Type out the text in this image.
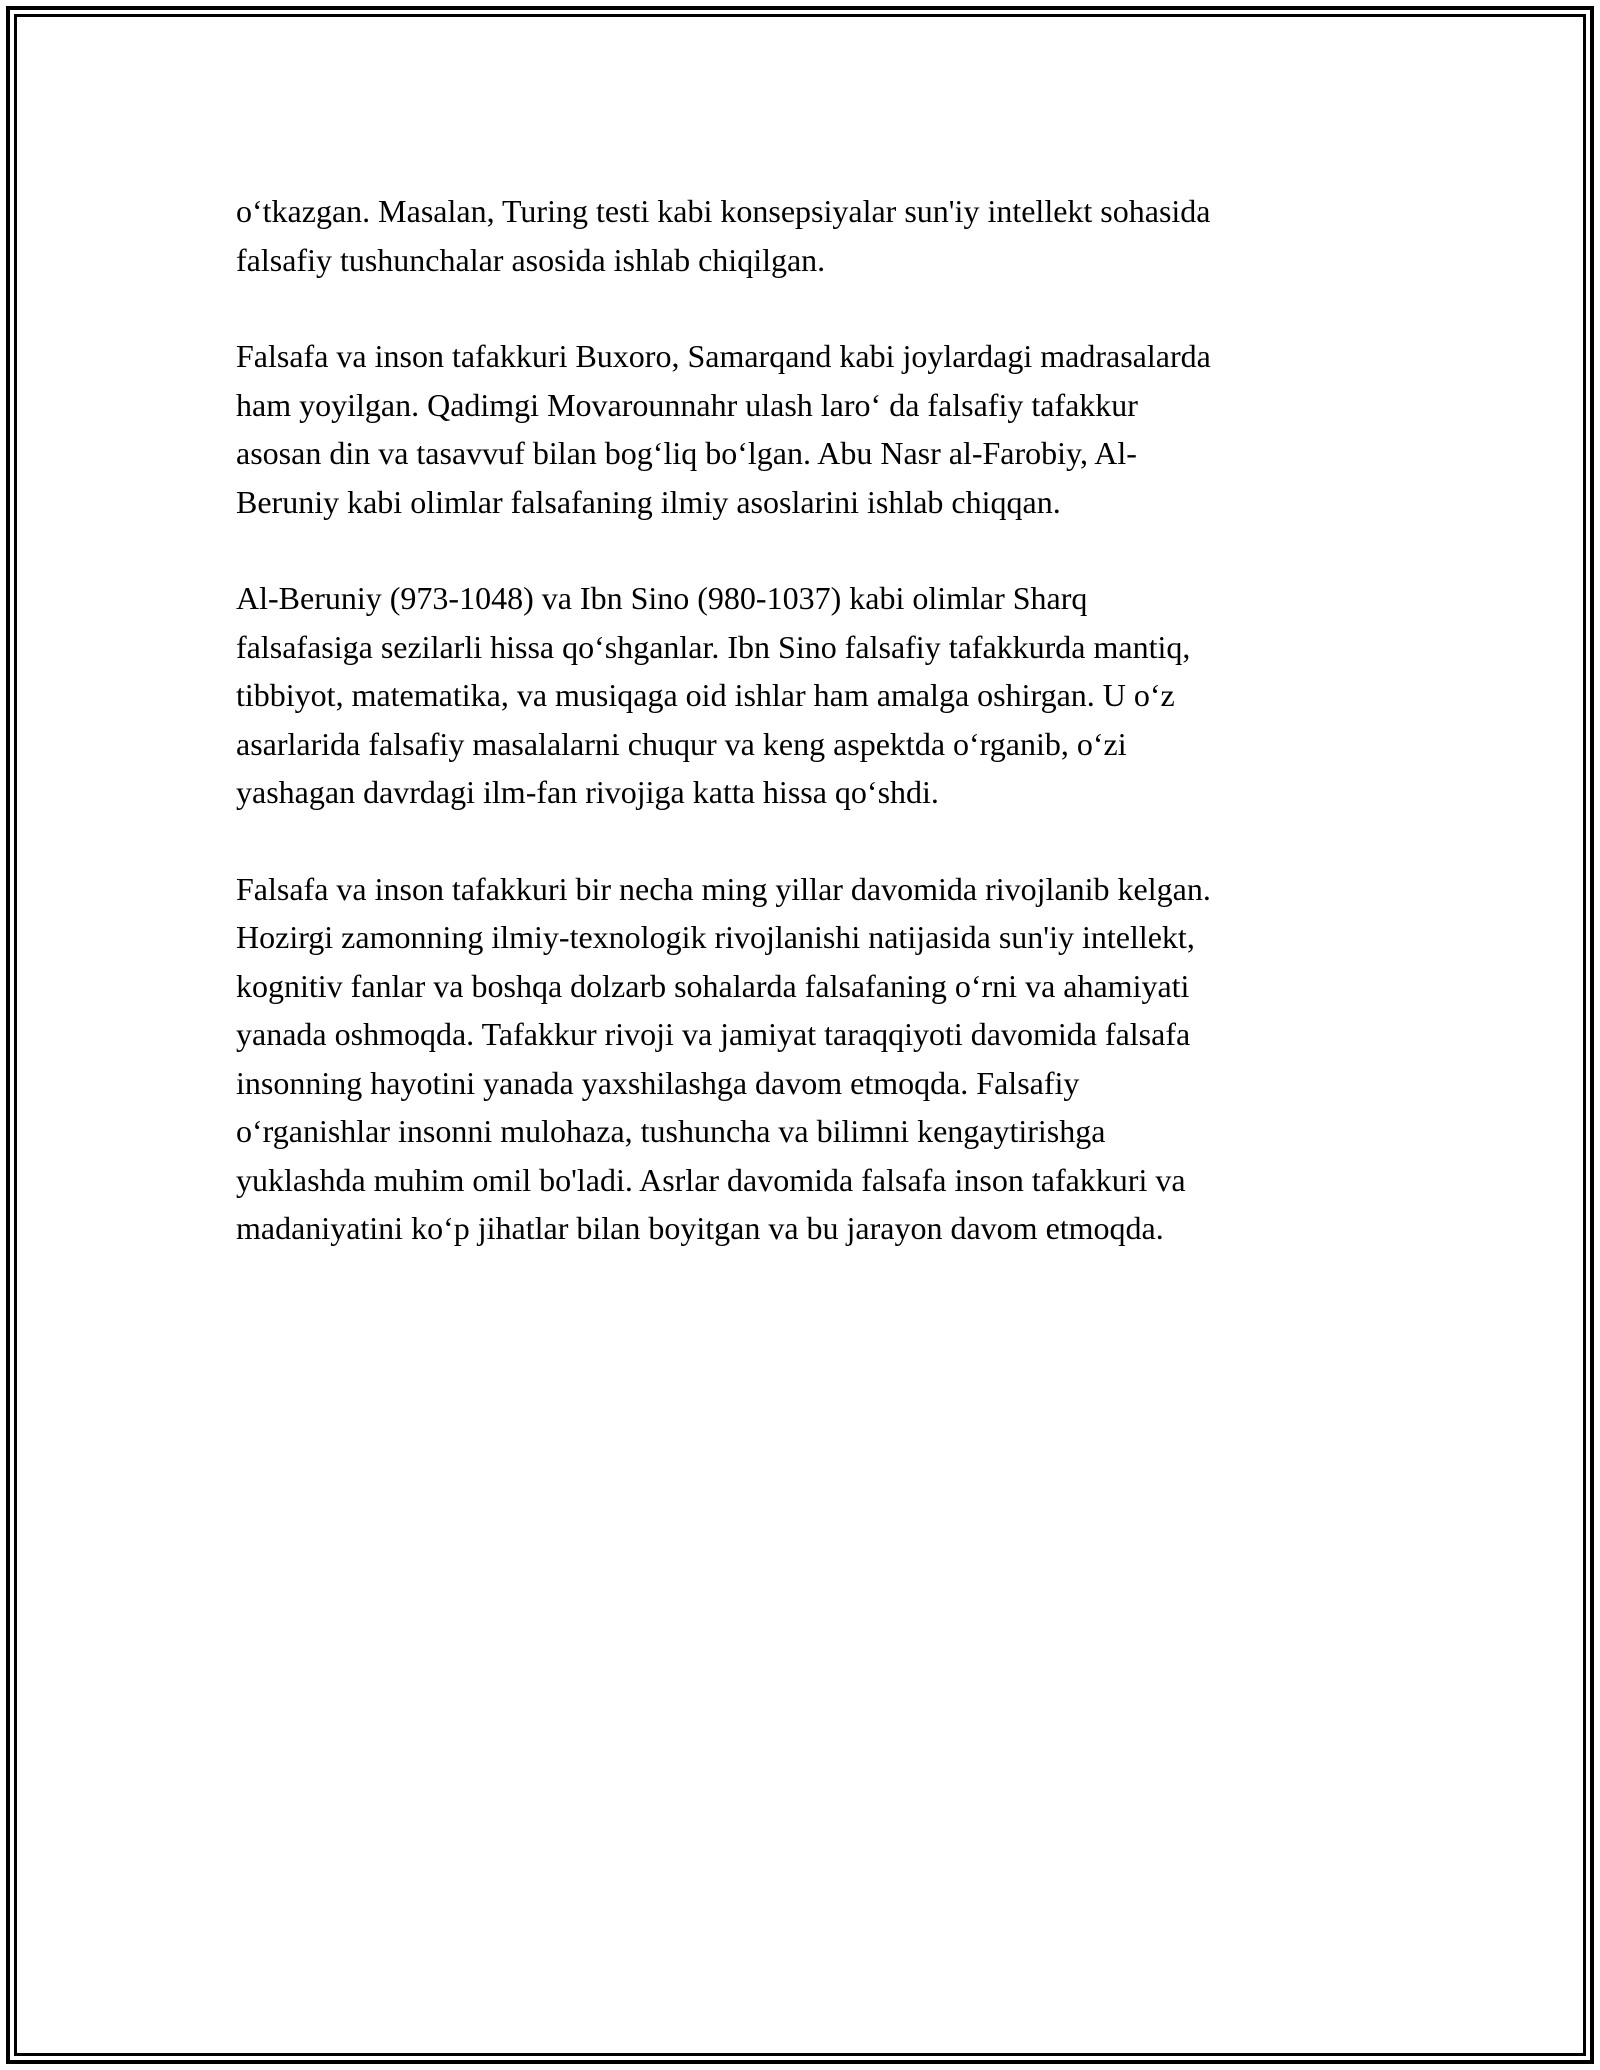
o‘tkazgan. Masalan, Turing testi kabi konsepsiyalar sun'iy intellekt sohasida
falsafiy tushunchalar asosida ishlab chiqilgan.

Falsafa va inson tafakkuri Buxoro, Samarqand kabi joylardagi madrasalarda
ham yoyilgan. Qadimgi Movarounnahr ulash laro‘ da falsafiy tafakkur
asosan din va tasavvuf bilan bog‘liq bo‘lgan. Abu Nasr al-Farobiy, Al-
Beruniy kabi olimlar falsafaning ilmiy asoslarini ishlab chiqqan.

Al-Beruniy (973-1048) va Ibn Sino (980-1037) kabi olimlar Sharq
falsafasiga sezilarli hissa qo‘shganlar. Ibn Sino falsafiy tafakkurda mantiq,
tibbiyot, matematika, va musiqaga oid ishlar ham amalga oshirgan. U o‘z
asarlarida falsafiy masalalarni chuqur va keng aspektda o‘rganib, o‘zi
yashagan davrdagi ilm-fan rivojiga katta hissa qo‘shdi.

Falsafa va inson tafakkuri bir necha ming yillar davomida rivojlanib kelgan.
Hozirgi zamonning ilmiy-texnologik rivojlanishi natijasida sun'iy intellekt,
kognitiv fanlar va boshqa dolzarb sohalarda falsafaning o‘rni va ahamiyati
yanada oshmoqda. Tafakkur rivoji va jamiyat taraqqiyoti davomida falsafa
insonning hayotini yanada yaxshilashga davom etmoqda. Falsafiy
o‘rganishlar insonni mulohaza, tushuncha va bilimni kengaytirishga
yuklashda muhim omil bo'ladi. Asrlar davomida falsafa inson tafakkuri va
madaniyatini ko‘p jihatlar bilan boyitgan va bu jarayon davom etmoqda.
